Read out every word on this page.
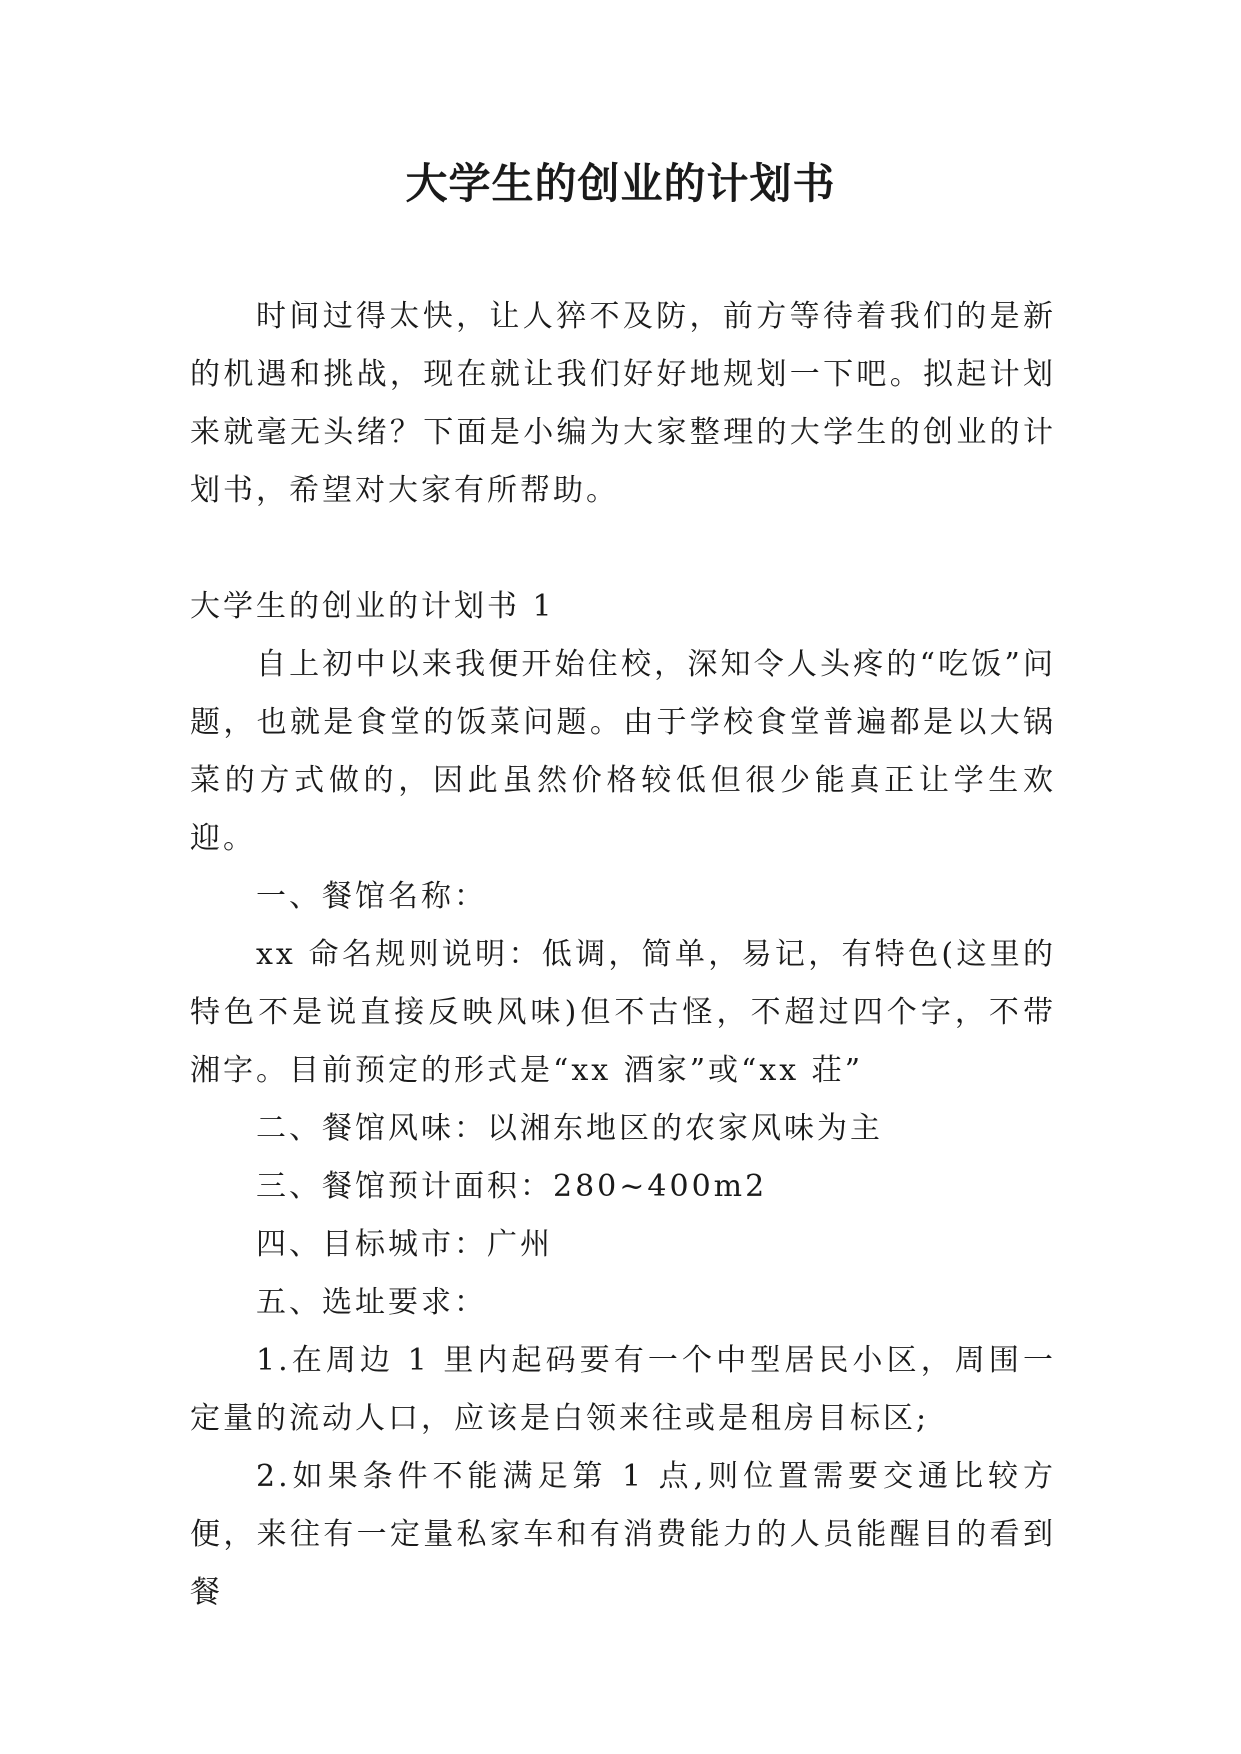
大学生的创业的计划书

时间过得太快，让人猝不及防，前方等待着我们的是新的机遇和挑战，现在就让我们好好地规划一下吧。拟起计划来就毫无头绪？下面是小编为大家整理的大学生的创业的计划书，希望对大家有所帮助。

大学生的创业的计划书 1

自上初中以来我便开始住校，深知令人头疼的“吃饭”问题，也就是食堂的饭菜问题。由于学校食堂普遍都是以大锅菜的方式做的，因此虽然价格较低但很少能真正让学生欢迎。

一、餐馆名称：

xx 命名规则说明：低调，简单，易记，有特色(这里的特色不是说直接反映风味)但不古怪，不超过四个字，不带湘字。目前预定的形式是“xx 酒家”或“xx 荘”

二、餐馆风味：以湘东地区的农家风味为主

三、餐馆预计面积：280~400m2

四、目标城市：广州

五、选址要求：

1.在周边 1 里内起码要有一个中型居民小区，周围一定量的流动人口，应该是白领来往或是租房目标区;

2.如果条件不能满足第 1 点,则位置需要交通比较方便，来往有一定量私家车和有消费能力的人员能醒目的看到餐
